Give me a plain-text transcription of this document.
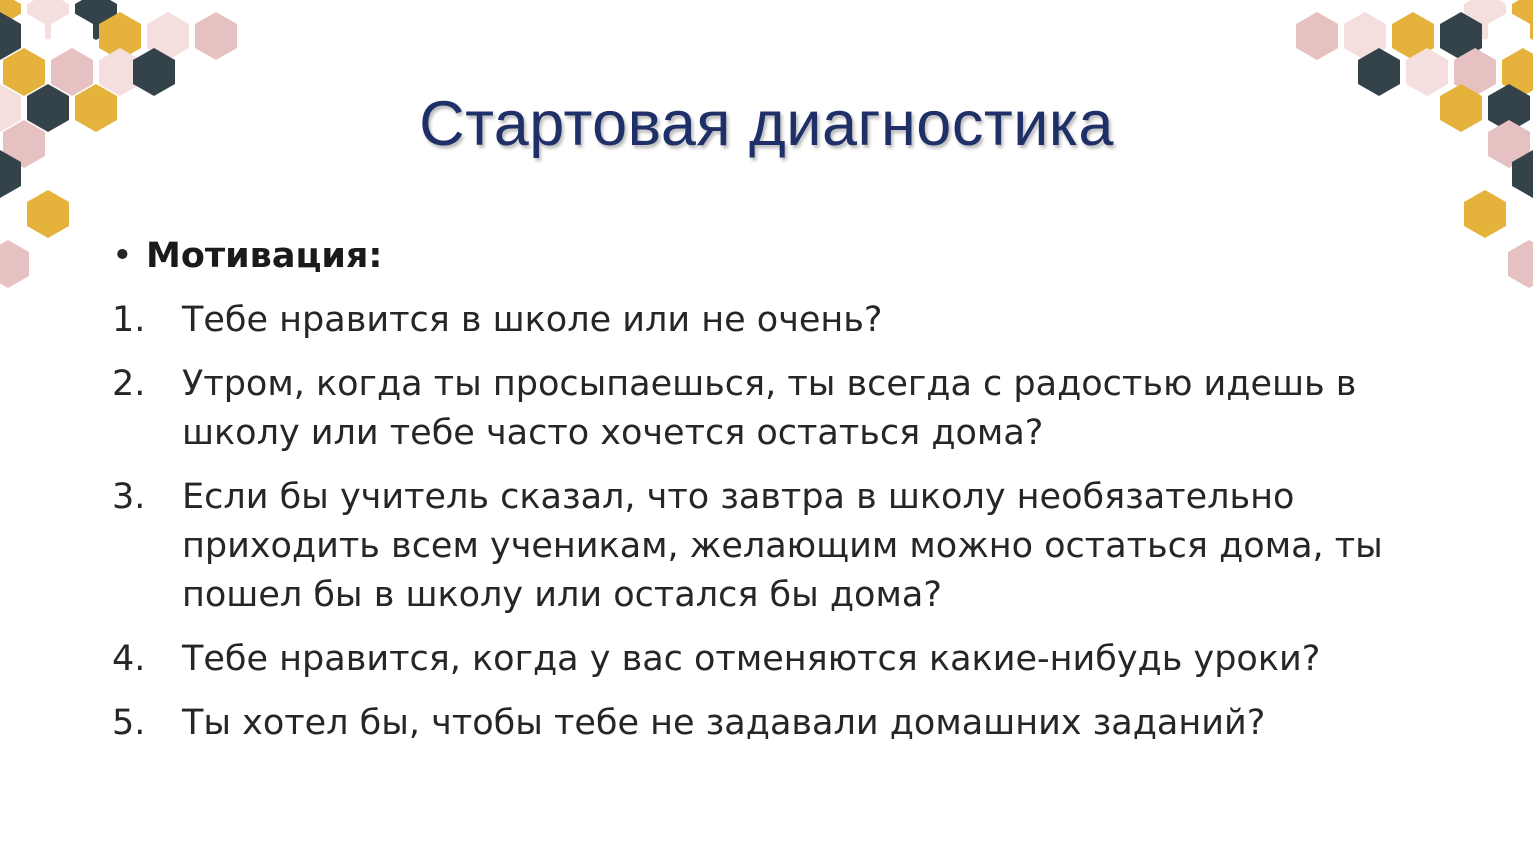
Стартовая диагностика
• Мотивация:
1.	Тебе нравится в школе или не очень?
2.	Утром, когда ты просыпаешься, ты всегда с радостью идешь в школу или тебе часто хочется остаться дома?
3.	Если бы учитель сказал, что завтра в школу необязательно приходить всем ученикам, желающим можно остаться дома, ты пошел бы в школу или остался бы дома?
4.	Тебе нравится, когда у вас отменяются какие-нибудь уроки?
5.	Ты хотел бы, чтобы тебе не задавали домашних заданий?
